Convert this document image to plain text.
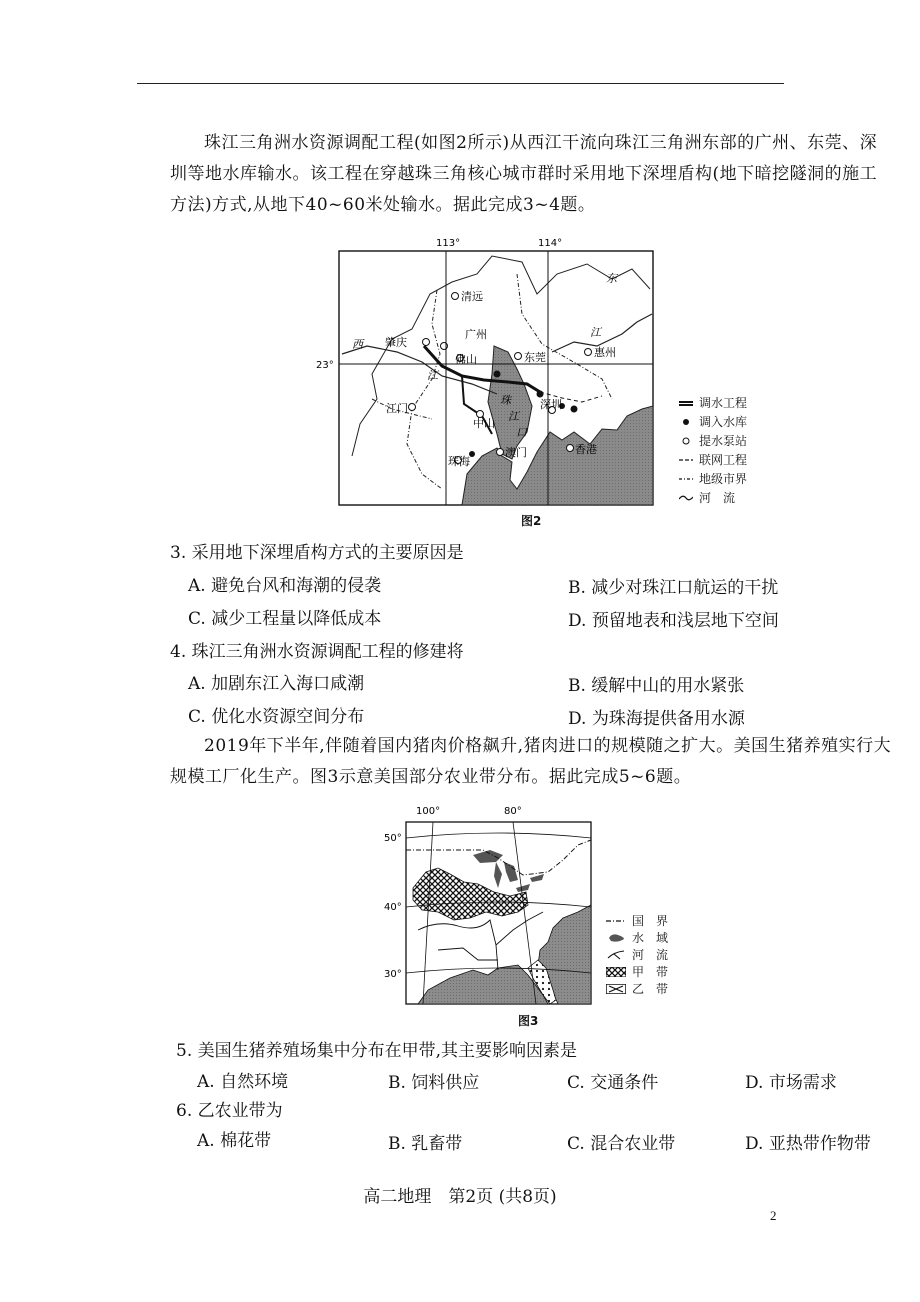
珠江三角洲水资源调配工程(如图2所示)从西江干流向珠江三角洲东部的广州、东莞、深圳等地水库输水。该工程在穿越珠三角核心城市群时采用地下深埋盾构(地下暗挖隧洞的施工方法)方式,从地下40~60米处输水。据此完成3~4题。

113°	114°
23°
清远
广州
肇庆
佛山	东莞	惠州
江门
中山
深圳
珠海
澳门	香港
西
江
东
江
珠
江
口
调水工程
调入水库
提水泵站
联网工程
地级市界
河　流
图2
3. 采用地下深埋盾构方式的主要原因是
A. 避免台风和海潮的侵袭	B. 减少对珠江口航运的干扰
C. 减少工程量以降低成本	D. 预留地表和浅层地下空间
4. 珠江三角洲水资源调配工程的修建将
A. 加剧东江入海口咸潮	B. 缓解中山的用水紧张
C. 优化水资源空间分布	D. 为珠海提供备用水源

2019年下半年,伴随着国内猪肉价格飙升,猪肉进口的规模随之扩大。美国生猪养殖实行大规模工厂化生产。图3示意美国部分农业带分布。据此完成5~6题。

100°	80°
50°
40°
30°
国　界
水　域
河　流
甲　带
乙　带
图3
5. 美国生猪养殖场集中分布在甲带,其主要影响因素是
A. 自然环境	B. 饲料供应	C. 交通条件	D. 市场需求
6. 乙农业带为
A. 棉花带	B. 乳畜带	C. 混合农业带	D. 亚热带作物带
高二地理　第2页 (共8页)
2
